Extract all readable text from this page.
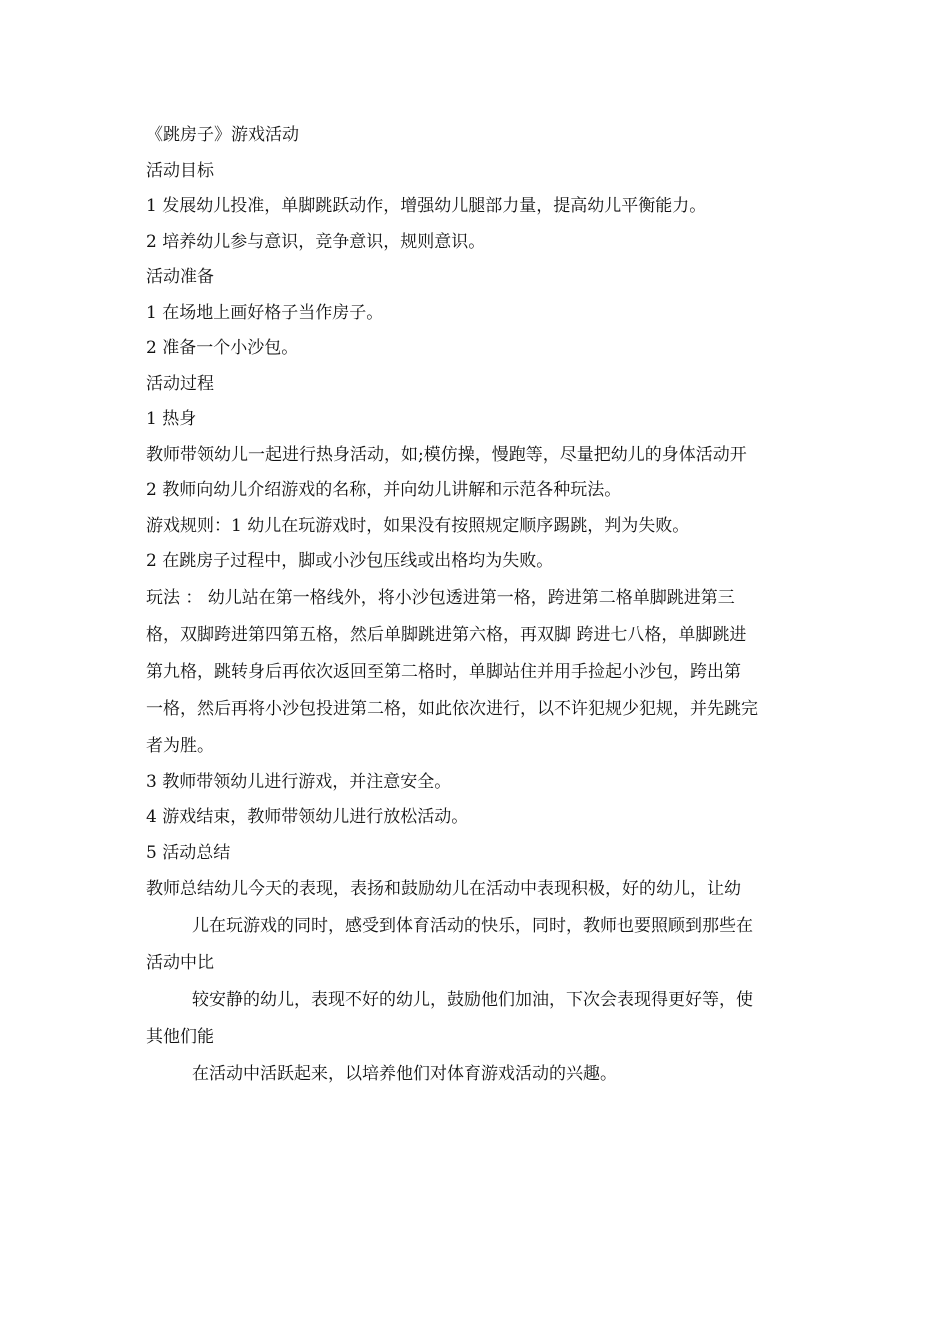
《跳房子》游戏活动
活动目标
1 发展幼儿投准，单脚跳跃动作，增强幼儿腿部力量，提高幼儿平衡能力。
2 培养幼儿参与意识，竞争意识，规则意识。
活动准备
1 在场地上画好格子当作房子。
2 准备一个小沙包。
活动过程
1 热身
教师带领幼儿一起进行热身活动，如;模仿操，慢跑等，尽量把幼儿的身体活动开
2 教师向幼儿介绍游戏的名称，并向幼儿讲解和示范各种玩法。
游戏规则：1 幼儿在玩游戏时，如果没有按照规定顺序踢跳，判为失败。
2 在跳房子过程中，脚或小沙包压线或出格均为失败。
玩法 ： 幼儿站在第一格线外，将小沙包透进第一格，跨进第二格单脚跳进第三
格，双脚跨进第四第五格，然后单脚跳进第六格，再双脚 跨进七八格，单脚跳进
第九格，跳转身后再依次返回至第二格时，单脚站住并用手捡起小沙包，跨出第
一格，然后再将小沙包投进第二格，如此依次进行，以不许犯规少犯规，并先跳完
者为胜。
3 教师带领幼儿进行游戏，并注意安全。
4 游戏结束，教师带领幼儿进行放松活动。
5 活动总结
教师总结幼儿今天的表现，表扬和鼓励幼儿在活动中表现积极，好的幼儿，让幼
儿在玩游戏的同时，感受到体育活动的快乐，同时，教师也要照顾到那些在
活动中比
较安静的幼儿，表现不好的幼儿，鼓励他们加油，下次会表现得更好等，使
其他们能
在活动中活跃起来，以培养他们对体育游戏活动的兴趣。
